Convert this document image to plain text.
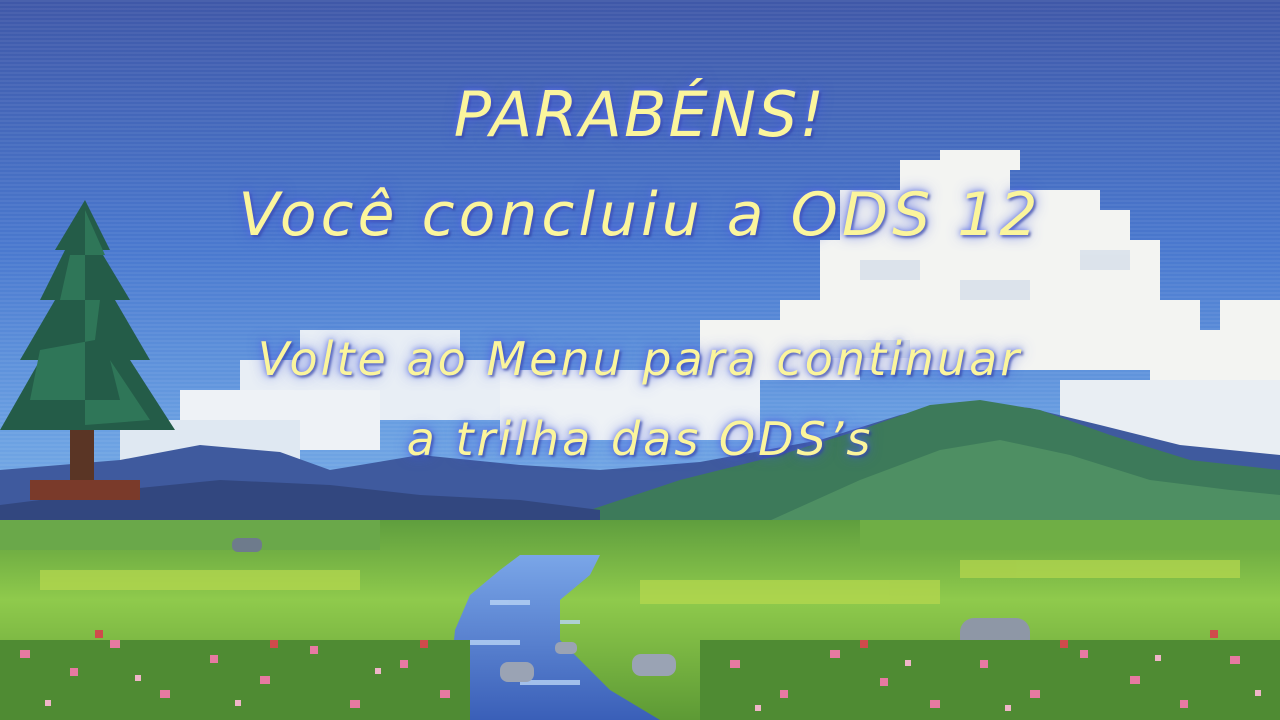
PARABÉNS!
Você concluiu a ODS 12
Volte ao Menu para continuar
a trilha das ODS’s
